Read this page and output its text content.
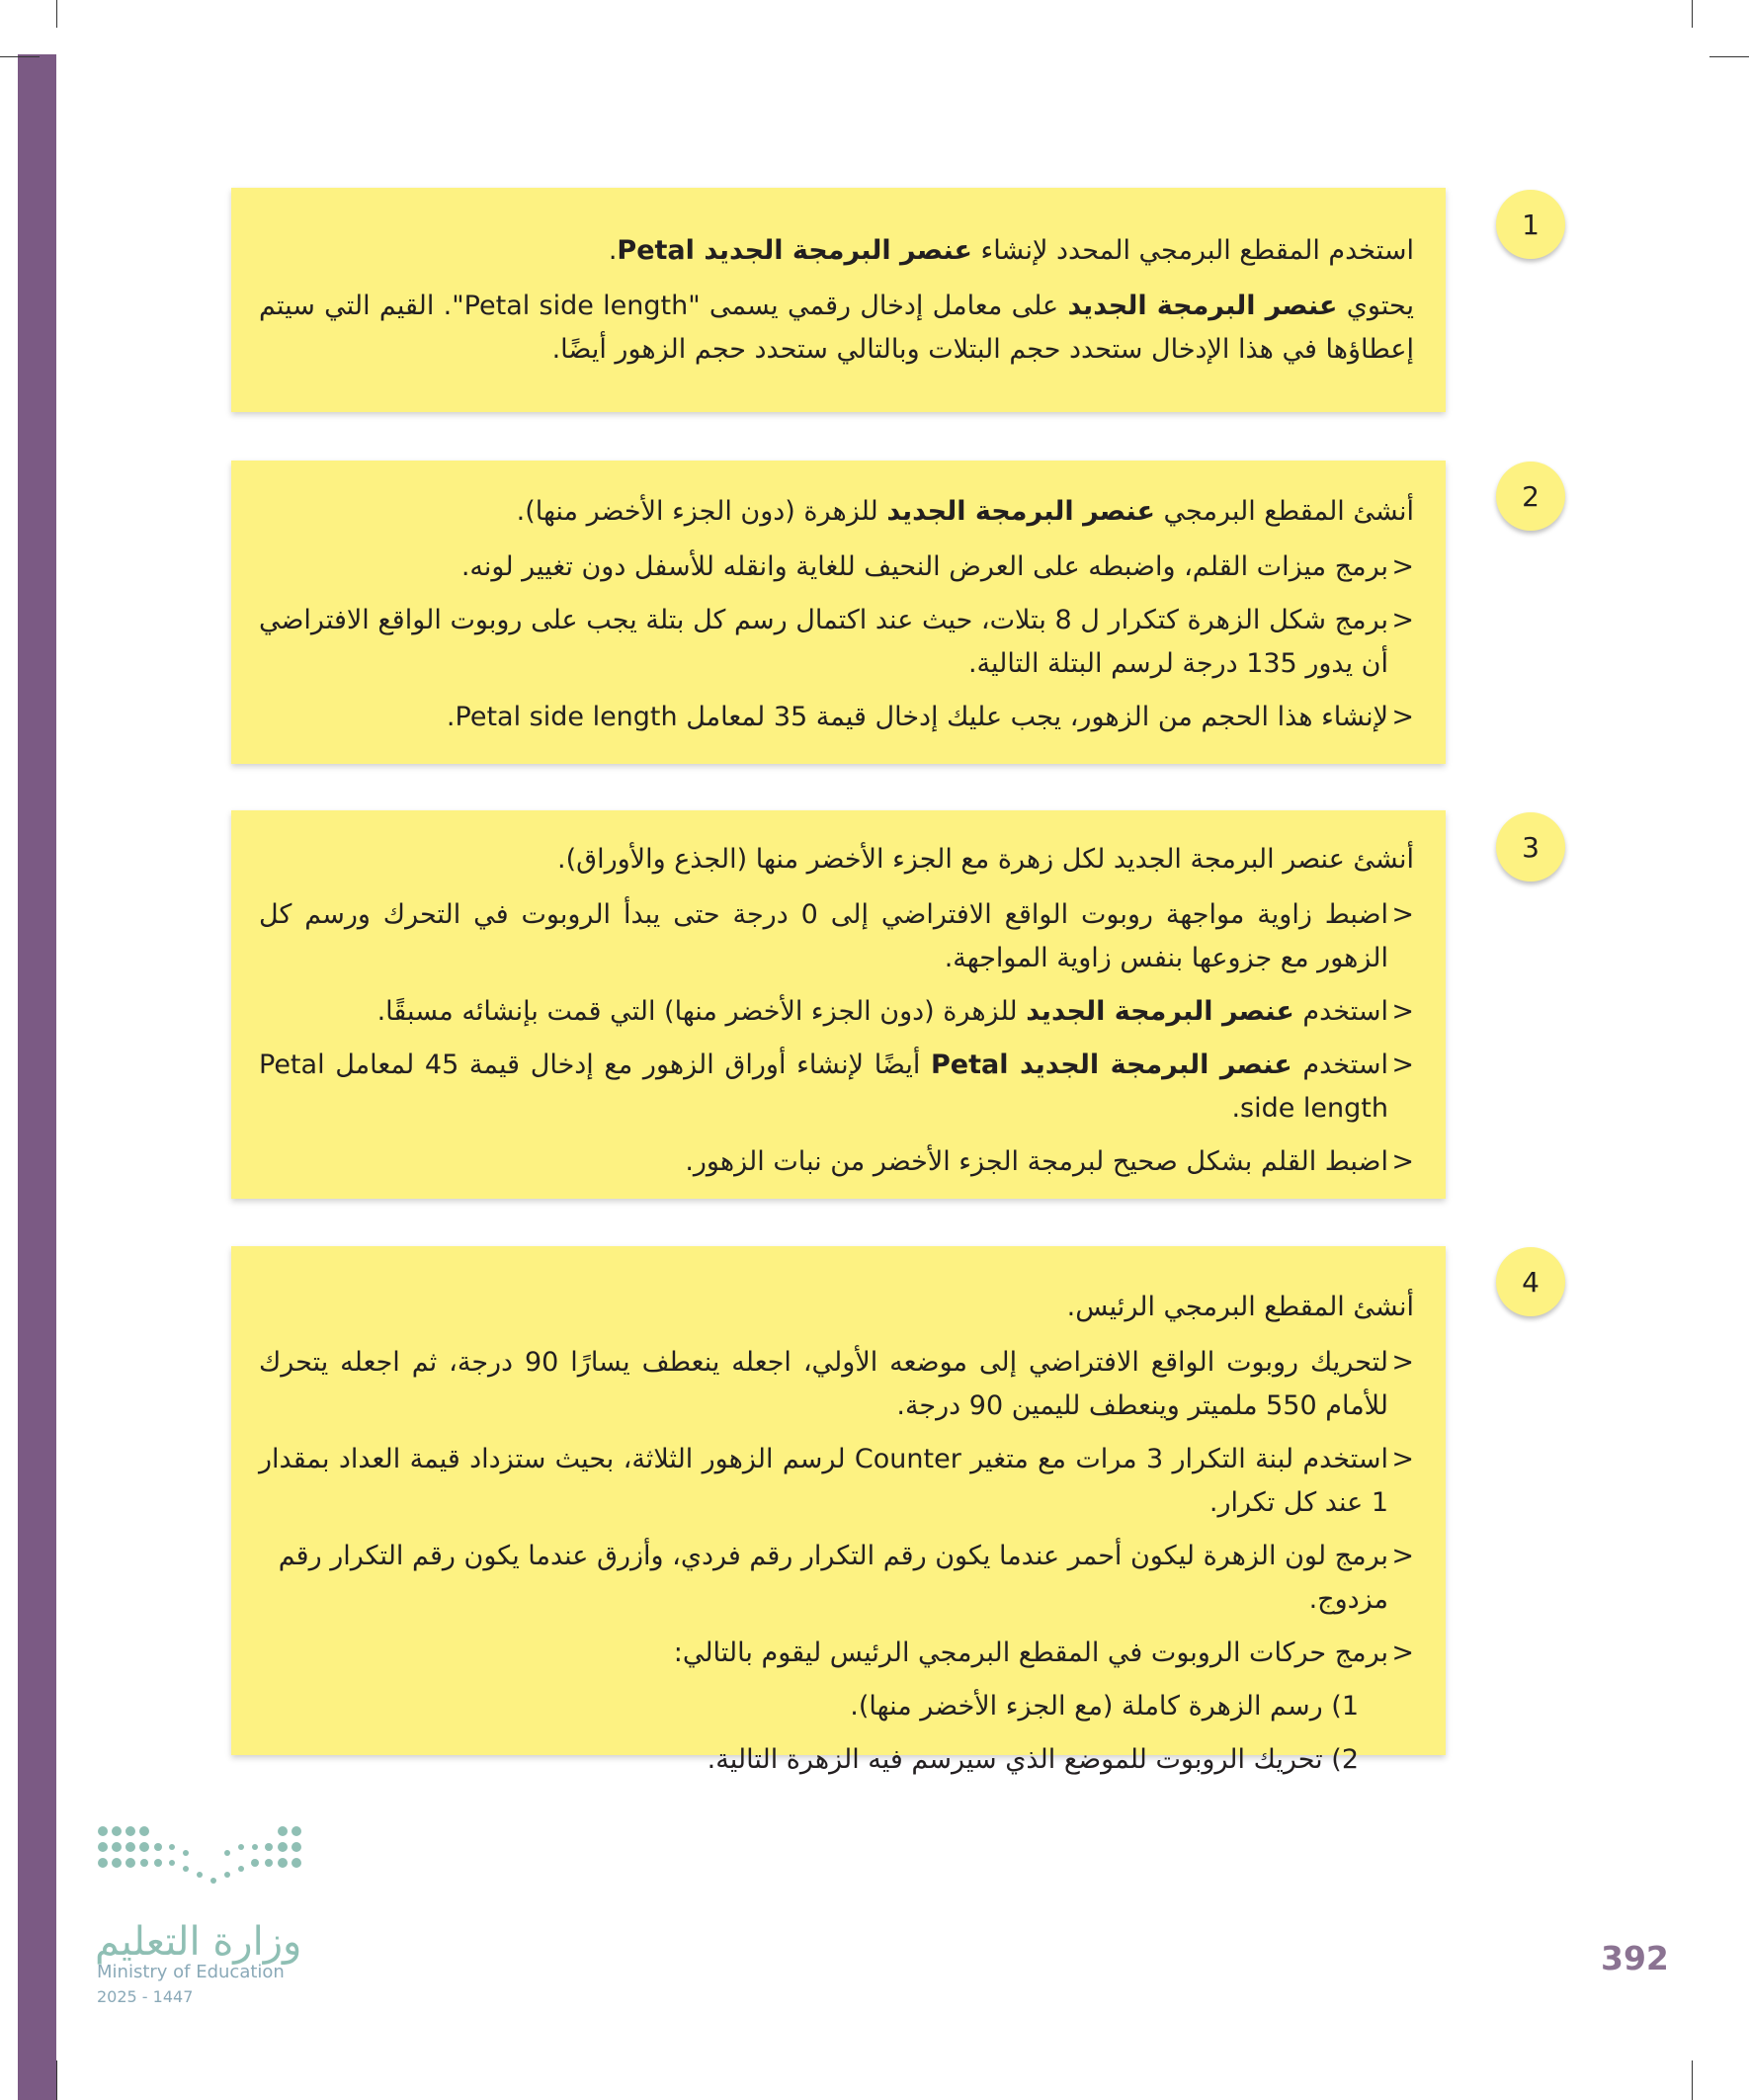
1

استخدم المقطع البرمجي المحدد لإنشاء عنصر البرمجة الجديد Petal.

يحتوي عنصر البرمجة الجديد على معامل إدخال رقمي يسمى "Petal side length". القيم التي سيتم إعطاؤها في هذا الإدخال ستحدد حجم البتلات وبالتالي ستحدد حجم الزهور أيضًا.

2

أنشئ المقطع البرمجي عنصر البرمجة الجديد للزهرة (دون الجزء الأخضر منها).

< برمج ميزات القلم، واضبطه على العرض النحيف للغاية وانقله للأسفل دون تغيير لونه.
< برمج شكل الزهرة كتكرار ل 8 بتلات، حيث عند اكتمال رسم كل بتلة يجب على روبوت الواقع الافتراضي أن يدور 135 درجة لرسم البتلة التالية.
< لإنشاء هذا الحجم من الزهور، يجب عليك إدخال قيمة 35 لمعامل Petal side length.
3

أنشئ عنصر البرمجة الجديد لكل زهرة مع الجزء الأخضر منها (الجذع والأوراق).

< اضبط زاوية مواجهة روبوت الواقع الافتراضي إلى 0 درجة حتى يبدأ الروبوت في التحرك ورسم كل الزهور مع جزوعها بنفس زاوية المواجهة.
< استخدم عنصر البرمجة الجديد للزهرة (دون الجزء الأخضر منها) التي قمت بإنشائه مسبقًا.
< استخدم عنصر البرمجة الجديد Petal أيضًا لإنشاء أوراق الزهور مع إدخال قيمة 45 لمعامل Petal side length.
< اضبط القلم بشكل صحيح لبرمجة الجزء الأخضر من نبات الزهور.
4

أنشئ المقطع البرمجي الرئيس.

< لتحريك روبوت الواقع الافتراضي إلى موضعه الأولي، اجعله ينعطف يسارًا 90 درجة، ثم اجعله يتحرك للأمام 550 ملميتر وينعطف لليمين 90 درجة.
< استخدم لبنة التكرار 3 مرات مع متغير Counter لرسم الزهور الثلاثة، بحيث ستزداد قيمة العداد بمقدار 1 عند كل تكرار.
< برمج لون الزهرة ليكون أحمر عندما يكون رقم التكرار رقم فردي، وأزرق عندما يكون رقم التكرار رقم مزدوج.
< برمج حركات الروبوت في المقطع البرمجي الرئيس ليقوم بالتالي:
1) رسم الزهرة كاملة (مع الجزء الأخضر منها).
2) تحريك الروبوت للموضع الذي سيرسم فيه الزهرة التالية.
وزارة التعليم
Ministry of Education
2025 - 1447
392
